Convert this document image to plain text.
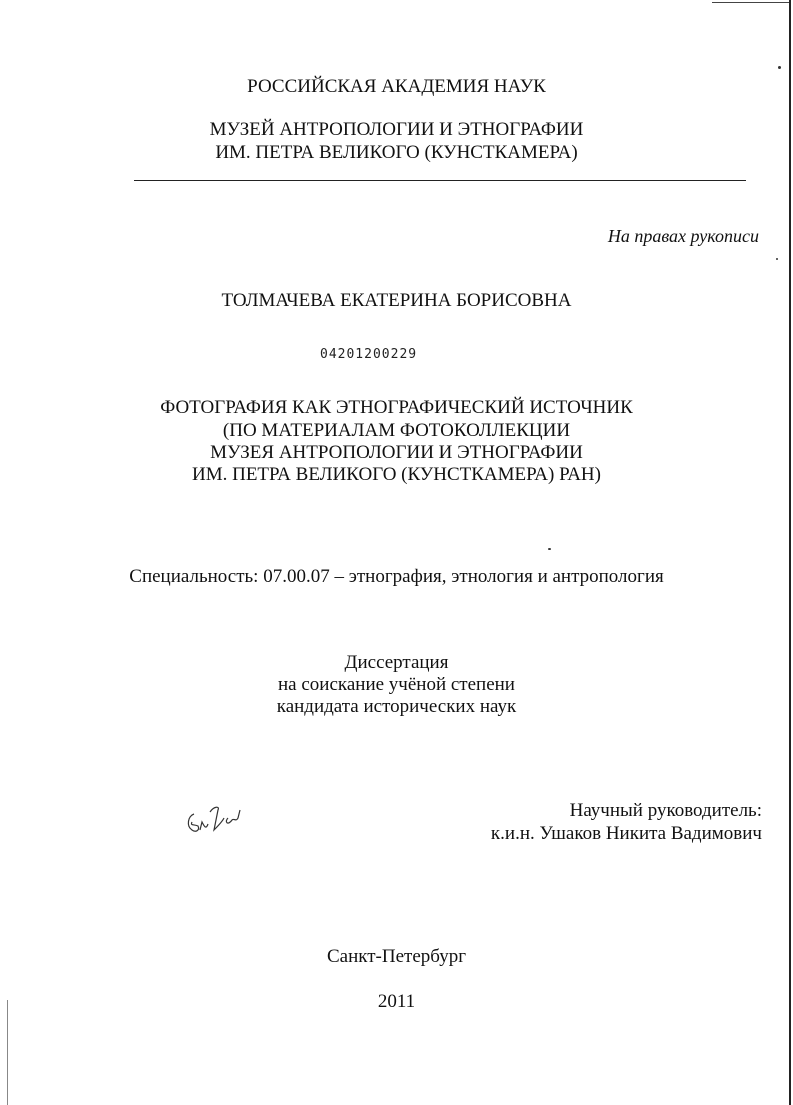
РОССИЙСКАЯ АКАДЕМИЯ НАУК
МУЗЕЙ АНТРОПОЛОГИИ И ЭТНОГРАФИИ
ИМ. ПЕТРА ВЕЛИКОГО (КУНСТКАМЕРА)
На правах рукописи
ТОЛМАЧЕВА ЕКАТЕРИНА БОРИСОВНА
04201200229
ФОТОГРАФИЯ КАК ЭТНОГРАФИЧЕСКИЙ ИСТОЧНИК
(ПО МАТЕРИАЛАМ ФОТОКОЛЛЕКЦИИ
МУЗЕЯ АНТРОПОЛОГИИ И ЭТНОГРАФИИ
ИМ. ПЕТРА ВЕЛИКОГО (КУНСТКАМЕРА) РАН)
Специальность: 07.00.07 – этнография, этнология и антропология
Диссертация
на соискание учёной степени
кандидата исторических наук
Научный руководитель:
к.и.н. Ушаков Никита Вадимович
Санкт-Петербург
2011
